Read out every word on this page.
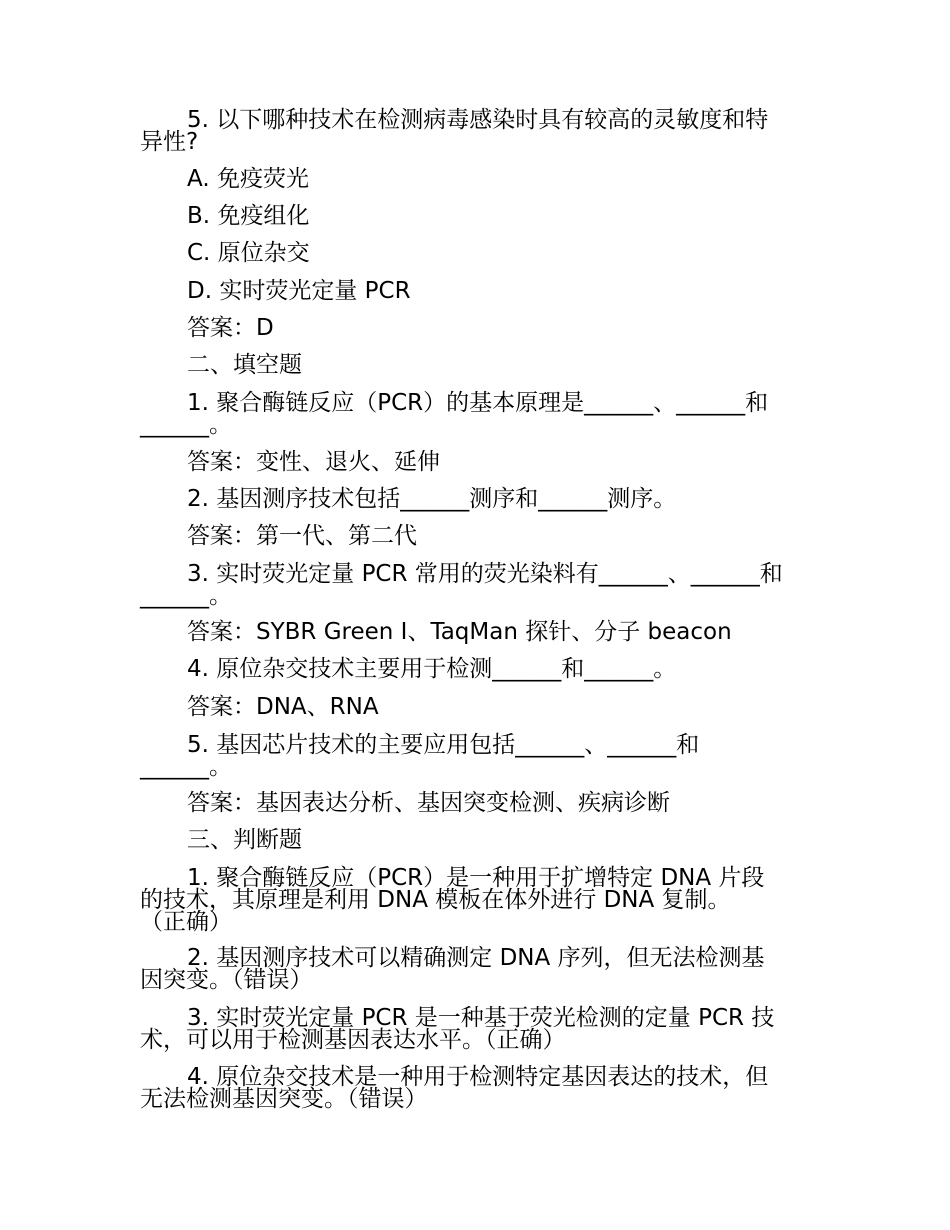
5. 以下哪种技术在检测病毒感染时具有较高的灵敏度和特
异性?
A. 免疫荧光
B. 免疫组化
C. 原位杂交
D. 实时荧光定量 PCR
答案：D
二、填空题
1. 聚合酶链反应（PCR）的基本原理是______、______和
______。
答案：变性、退火、延伸
2. 基因测序技术包括______测序和______测序。
答案：第一代、第二代
3. 实时荧光定量 PCR 常用的荧光染料有______、______和
______。
答案：SYBR Green I、TaqMan 探针、分子 beacon
4. 原位杂交技术主要用于检测______和______。
答案：DNA、RNA
5. 基因芯片技术的主要应用包括______、______和
______。
答案：基因表达分析、基因突变检测、疾病诊断
三、判断题
1. 聚合酶链反应（PCR）是一种用于扩增特定 DNA 片段
的技术，其原理是利用 DNA 模板在体外进行 DNA 复制。
（正确）
2. 基因测序技术可以精确测定 DNA 序列，但无法检测基
因突变。（错误）
3. 实时荧光定量 PCR 是一种基于荧光检测的定量 PCR 技
术，可以用于检测基因表达水平。（正确）
4. 原位杂交技术是一种用于检测特定基因表达的技术，但
无法检测基因突变。（错误）
